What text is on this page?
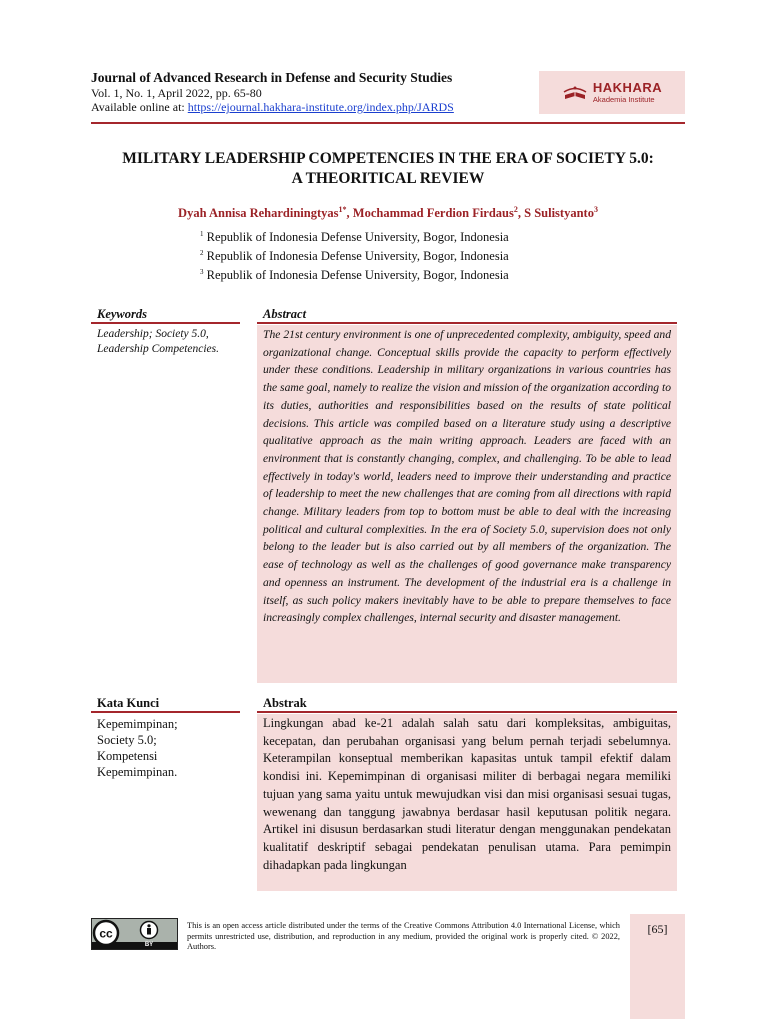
Journal of Advanced Research in Defense and Security Studies
Vol. 1, No. 1, April 2022, pp. 65-80
Available online at: https://ejournal.hakhara-institute.org/index.php/JARDS
HAKHARA
Akademia Institute
MILITARY LEADERSHIP COMPETENCIES IN THE ERA OF SOCIETY 5.0:
A THEORITICAL REVIEW
Dyah Annisa Rehardiningtyas$^{1*}$, Mochammad Ferdion Firdaus$^2$, S Sulistyanto$^3$
$^1$ Republik of Indonesia Defense University, Bogor, Indonesia
$^2$ Republik of Indonesia Defense University, Bogor, Indonesia
$^3$ Republik of Indonesia Defense University, Bogor, Indonesia
Keywords	Abstract
Leadership; Society 5.0, Leadership Competencies.
The 21st century environment is one of unprecedented complexity, ambiguity, speed and organizational change. Conceptual skills provide the capacity to perform effectively under these conditions. Leadership in military organizations in various countries has the same goal, namely to realize the vision and mission of the organization according to its duties, authorities and responsibilities based on the results of state political decisions. This article was compiled based on a literature study using a descriptive qualitative approach as the main writing approach. Leaders are faced with an environment that is constantly changing, complex, and challenging. To be able to lead effectively in today's world, leaders need to improve their understanding and practice of leadership to meet the new challenges that are coming from all directions with rapid change. Military leaders from top to bottom must be able to deal with the increasing political and cultural complexities. In the era of Society 5.0, supervision does not only belong to the leader but is also carried out by all members of the organization. The ease of technology as well as the challenges of good governance make transparency and openness an instrument. The development of the industrial era is a challenge in itself, as such policy makers inevitably have to be able to prepare themselves to face increasingly complex challenges, internal security and disaster management.
Kata Kunci	Abstrak
Kepemimpinan;
Society 5.0;
Kompetensi
Kepemimpinan.
Lingkungan abad ke-21 adalah salah satu dari kompleksitas, ambiguitas, kecepatan, dan perubahan organisasi yang belum pernah terjadi sebelumnya. Keterampilan konseptual memberikan kapasitas untuk tampil efektif dalam kondisi ini. Kepemimpinan di organisasi militer di berbagai negara memiliki tujuan yang sama yaitu untuk mewujudkan visi dan misi organisasi sesuai tugas, wewenang dan tanggung jawabnya berdasar hasil keputusan politik negara. Artikel ini disusun berdasarkan studi literatur dengan menggunakan pendekatan kualitatif deskriptif sebagai pendekatan penulisan utama. Para pemimpin dihadapkan pada lingkungan
cc
BY
This is an open access article distributed under the terms of the Creative Commons Attribution 4.0 International License, which permits unrestricted use, distribution, and reproduction in any medium, provided the original work is properly cited. © 2022, Authors.
[65]
